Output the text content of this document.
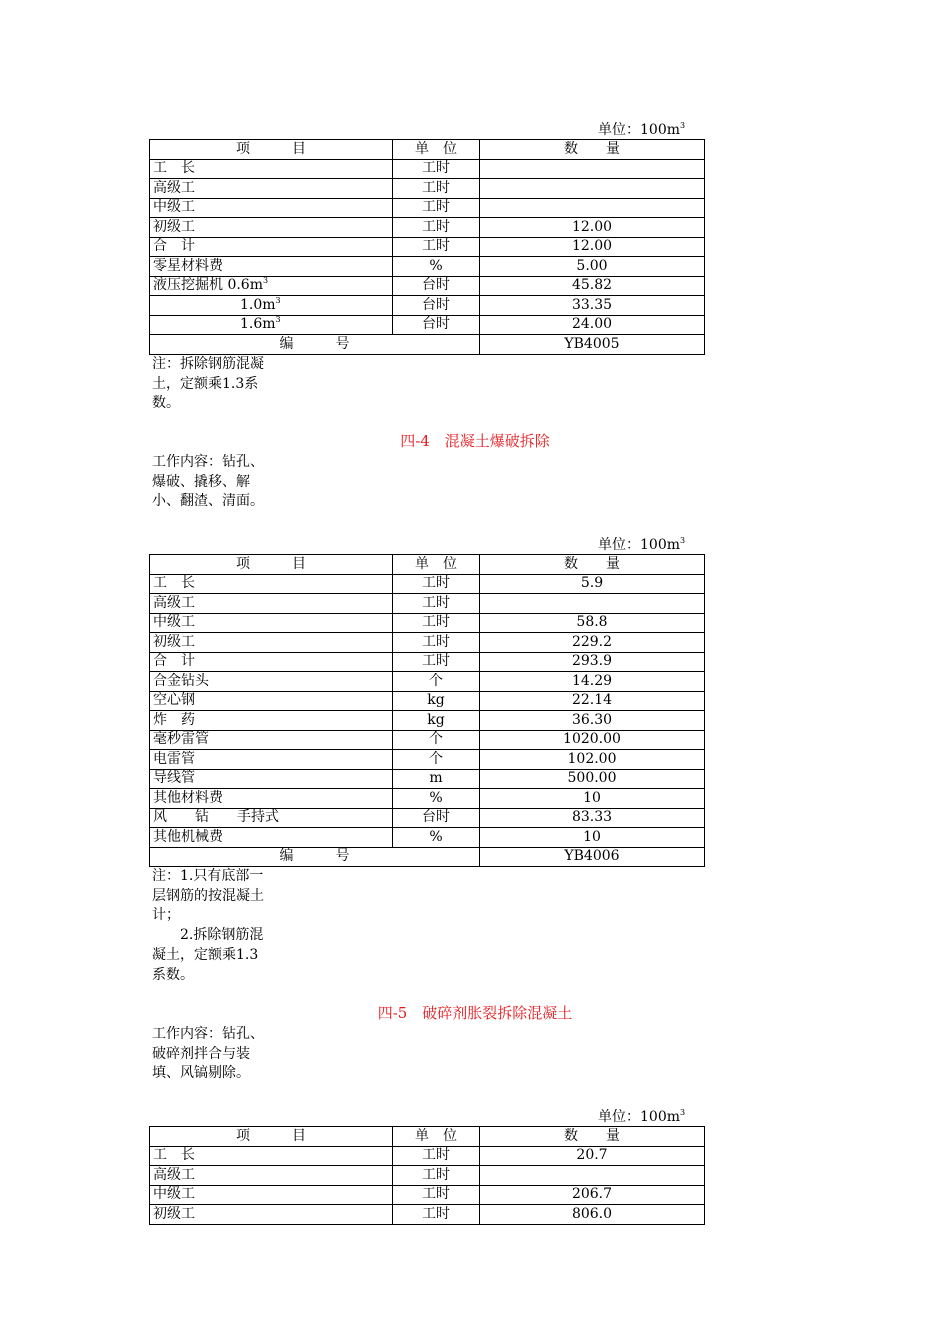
单位：$100m^3$
项　　　目	单　位	数　　量
工　长	工时	
高级工	工时	
中级工	工时	
初级工	工时	12.00
合　计	工时	12.00
零星材料费	%	5.00
液压挖掘机 $0.6m^3$	台时	45.82
$1.0m^3$	台时	33.35
$1.6m^3$	台时	24.00
编　　　号		YB4005
注：拆除钢筋混凝土，定额乘1.3系数。
四-4　混凝土爆破拆除
工作内容：钻孔、爆破、撬移、解小、翻渣、清面。
单位：$100m^3$
项　　　目	单　位	数　　量
工　长	工时	5.9
高级工	工时	
中级工	工时	58.8
初级工	工时	229.2
合　计	工时	293.9
合金钻头	个	14.29
空心钢	kg	22.14
炸　药	kg	36.30
毫秒雷管	个	1020.00
电雷管	个	102.00
导线管	m	500.00
其他材料费	%	10
风　　钻　　手持式	台时	83.33
其他机械费	%	10
编　　　号		YB4006
注：1.只有底部一层钢筋的按混凝土计；
　　2.拆除钢筋混凝土，定额乘1.3系数。
四-5　破碎剂胀裂拆除混凝土
工作内容：钻孔、破碎剂拌合与装填、风镐剔除。
单位：$100m^3$
项　　　目	单　位	数　　量
工　长	工时	20.7
高级工	工时	
中级工	工时	206.7
初级工	工时	806.0
